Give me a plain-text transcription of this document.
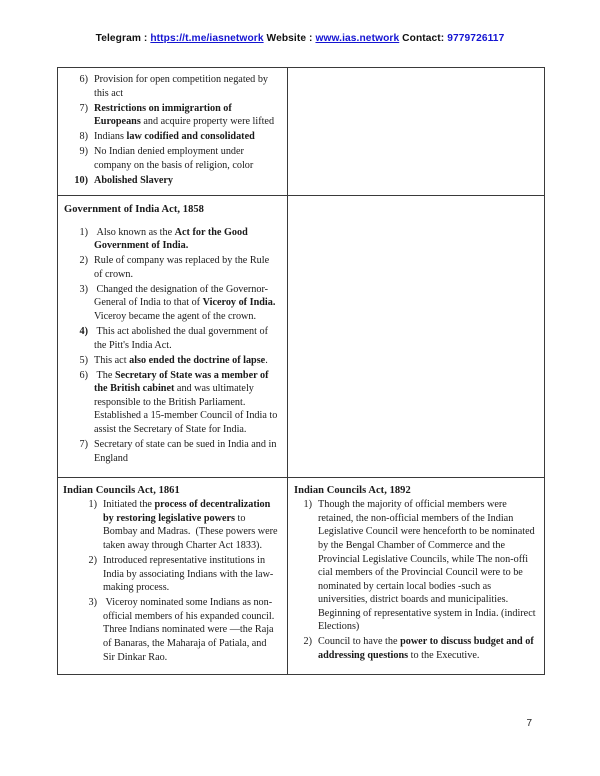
Telegram : https://t.me/iasnetwork Website : www.ias.network Contact: 9779726117
6) Provision for open competition negated by this act
7) Restrictions on immigrartion of Europeans and acquire property were lifted
8) Indians law codified and consolidated
9) No Indian denied employment under company on the basis of religion, color
10) Abolished Slavery

Government of India Act, 1858
1) Also known as the Act for the Good Government of India.
2) Rule of company was replaced by the Rule of crown.
3) Changed the designation of the Governor-General of India to that of Viceroy of India.  Viceroy became the agent of the crown.
4) This act abolished the dual government of the Pitt's India Act.
5) This act also ended the doctrine of lapse.
6) The Secretary of State was a member of the British cabinet and was ultimately responsible to the British Parliament. Established a 15-member Council of India to assist the Secretary of State for India.
7) Secretary of state can be sued in India and in England

Indian Councils Act, 1861
1) Initiated the process of decentralization by restoring legislative powers to Bombay and Madras.  (These powers were taken away through Charter Act 1833).
2) Introduced representative institutions in India by associating Indians with the law-making process.
3) Viceroy nominated some Indians as non-official members of his expanded council. Three Indians nominated were —the Raja of Banaras, the Maharaja of Patiala, and Sir Dinkar Rao.

Indian Councils Act, 1892
1) Though the majority of official members were retained, the non-official members of the Indian Legislative Council were henceforth to be nominated by the Bengal Chamber of Commerce and the Provincial Legislative Councils, while The non-offi cial members of the Provincial Council were to be nominated by certain local bodies -such as universities, district boards and municipalities. Beginning of representative system in India. (indirect Elections)
2) Council to have the power to discuss budget and of addressing questions to the Executive.
7
